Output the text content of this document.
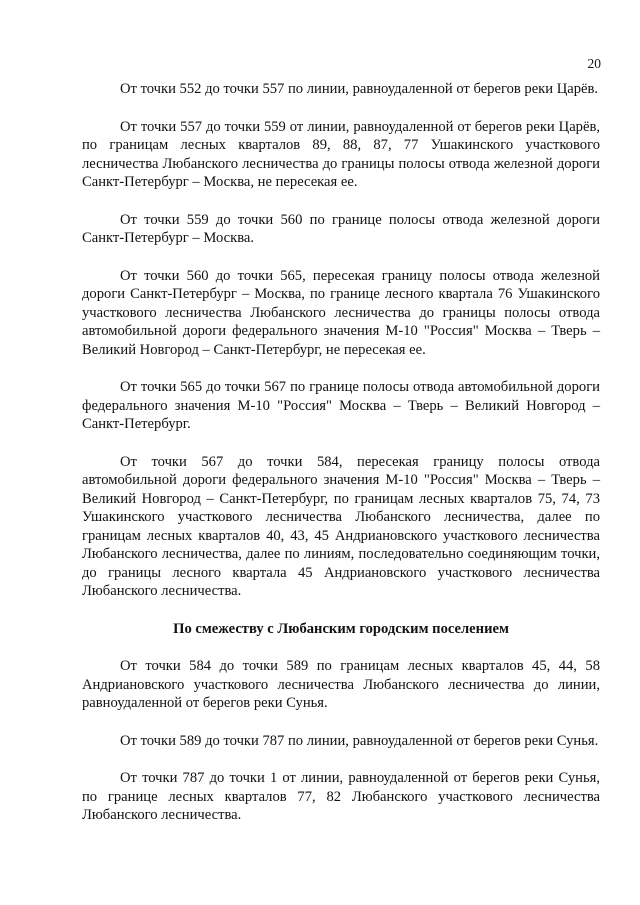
20

От точки 552 до точки 557 по линии, равноудаленной от берегов реки Царёв.

От точки 557 до точки 559 от линии, равноудаленной от берегов реки Царёв, по границам лесных кварталов 89, 88, 87, 77 Ушакинского участкового лесничества Любанского лесничества до границы полосы отвода железной дороги Санкт-Петербург – Москва, не пересекая ее.

От точки 559 до точки 560 по границе полосы отвода железной дороги Санкт-Петербург – Москва.

От точки 560 до точки 565, пересекая границу полосы отвода железной дороги Санкт-Петербург – Москва, по границе лесного квартала 76 Ушакинского участкового лесничества Любанского лесничества до границы полосы отвода автомобильной дороги федерального значения М-10 "Россия" Москва – Тверь – Великий Новгород – Санкт-Петербург, не пересекая ее.

От точки 565 до точки 567 по границе полосы отвода автомобильной дороги федерального значения М-10 "Россия" Москва – Тверь – Великий Новгород – Санкт-Петербург.

От точки 567 до точки 584, пересекая границу полосы отвода автомобильной дороги федерального значения М-10 "Россия" Москва – Тверь – Великий Новгород – Санкт-Петербург, по границам лесных кварталов 75, 74, 73 Ушакинского участкового лесничества Любанского лесничества, далее по границам лесных кварталов 40, 43, 45 Андриановского участкового лесничества Любанского лесничества, далее по линиям, последовательно соединяющим точки, до границы лесного квартала 45 Андриановского участкового лесничества Любанского лесничества.

По смежеству с Любанским городским поселением

От точки 584 до точки 589 по границам лесных кварталов 45, 44, 58 Андриановского участкового лесничества Любанского лесничества до линии, равноудаленной от берегов реки Сунья.

От точки 589 до точки 787 по линии, равноудаленной от берегов реки Сунья.

От точки 787 до точки 1 от линии, равноудаленной от берегов реки Сунья, по границе лесных кварталов 77, 82 Любанского участкового лесничества Любанского лесничества.
